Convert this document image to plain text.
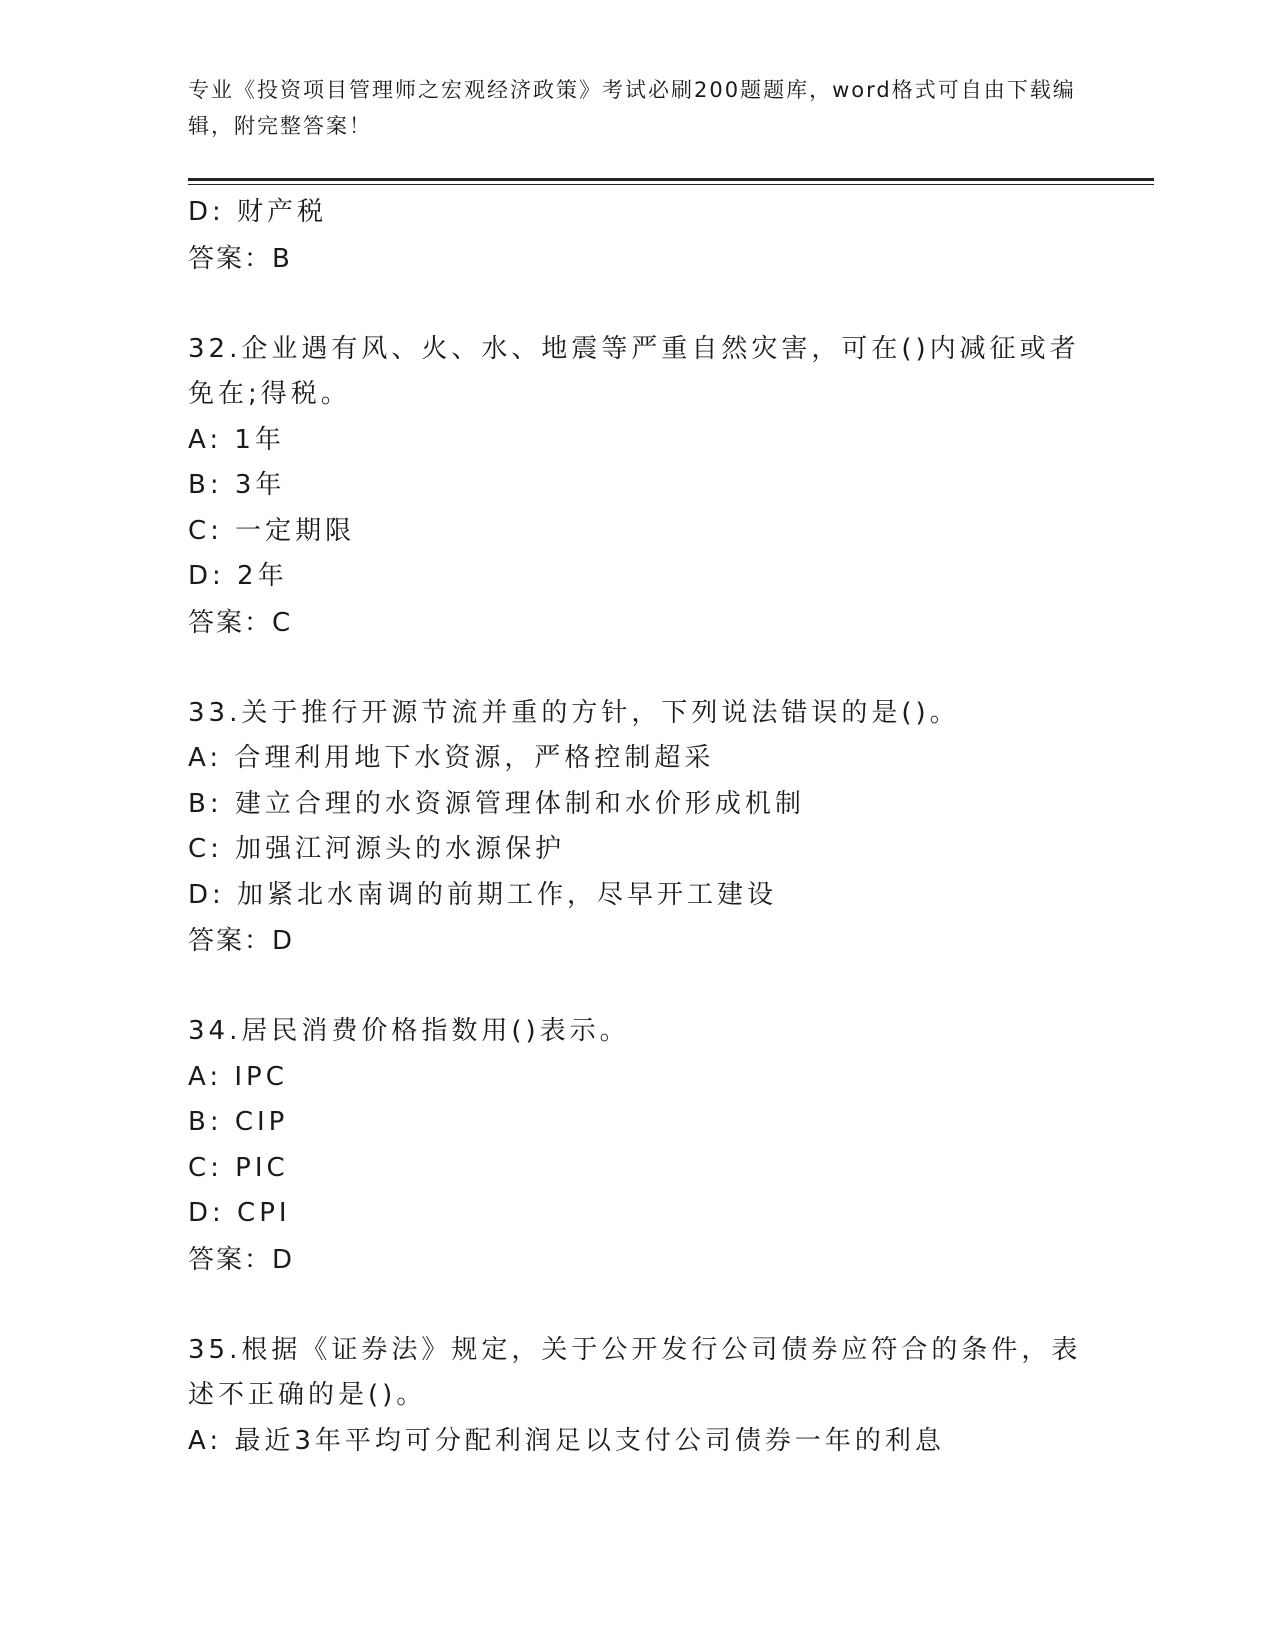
专业《投资项目管理师之宏观经济政策》考试必刷200题题库，word格式可自由下载编辑，附完整答案！
D: 财产税
答案：B
32.企业遇有风、火、水、地震等严重自然灾害，可在()内减征或者免在;得税。
A: 1年
B: 3年
C: 一定期限
D: 2年
答案：C
33.关于推行开源节流并重的方针，下列说法错误的是()。
A: 合理利用地下水资源，严格控制超采
B: 建立合理的水资源管理体制和水价形成机制
C: 加强江河源头的水源保护
D: 加紧北水南调的前期工作，尽早开工建设
答案：D
34.居民消费价格指数用()表示。
A: IPC
B: CIP
C: PIC
D: CPI
答案：D
35.根据《证券法》规定，关于公开发行公司债券应符合的条件，表述不正确的是()。
A: 最近3年平均可分配利润足以支付公司债券一年的利息
